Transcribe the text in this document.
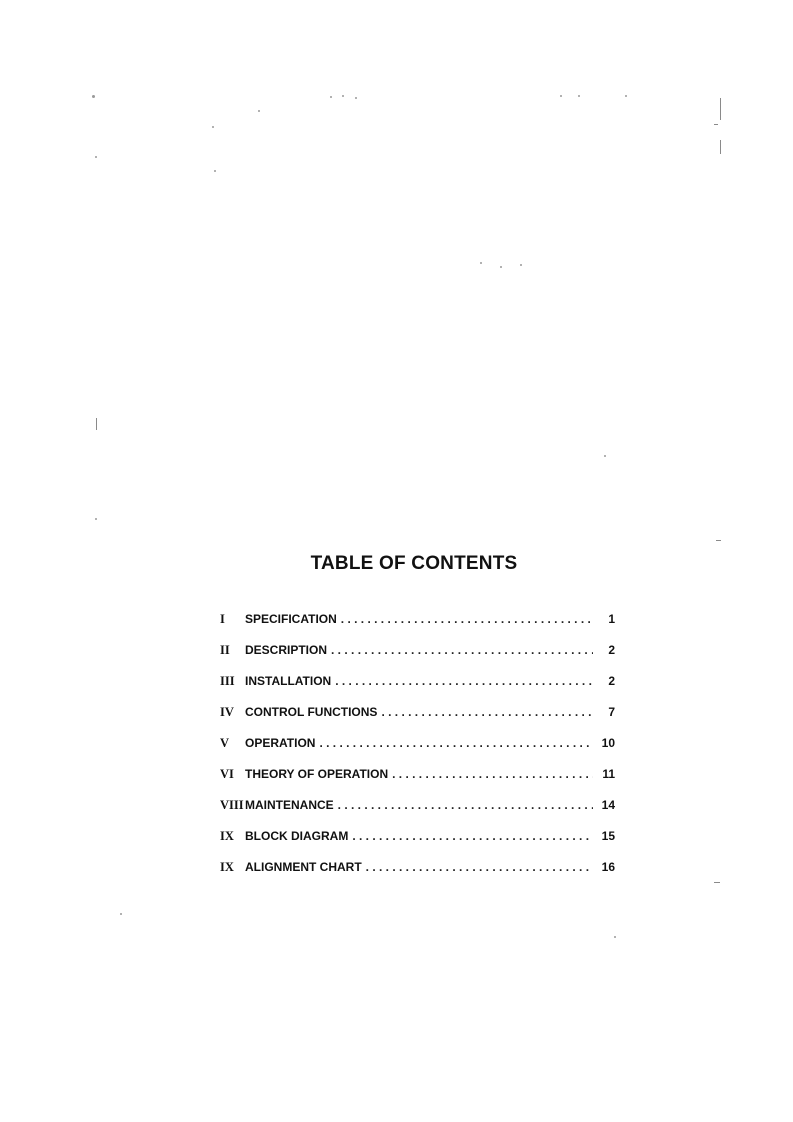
TABLE OF CONTENTS
I	SPECIFICATION . . .	1
II	DESCRIPTION . . .	2
III INSTALLATION . . .	2
IV CONTROL FUNCTIONS . . .	7
V	OPERATION . . .	10
VI THEORY OF OPERATION . . .	11
VIII MAINTENANCE . . .	14
IX BLOCK DIAGRAM . . .	15
IX ALIGNMENT CHART . . .	16
